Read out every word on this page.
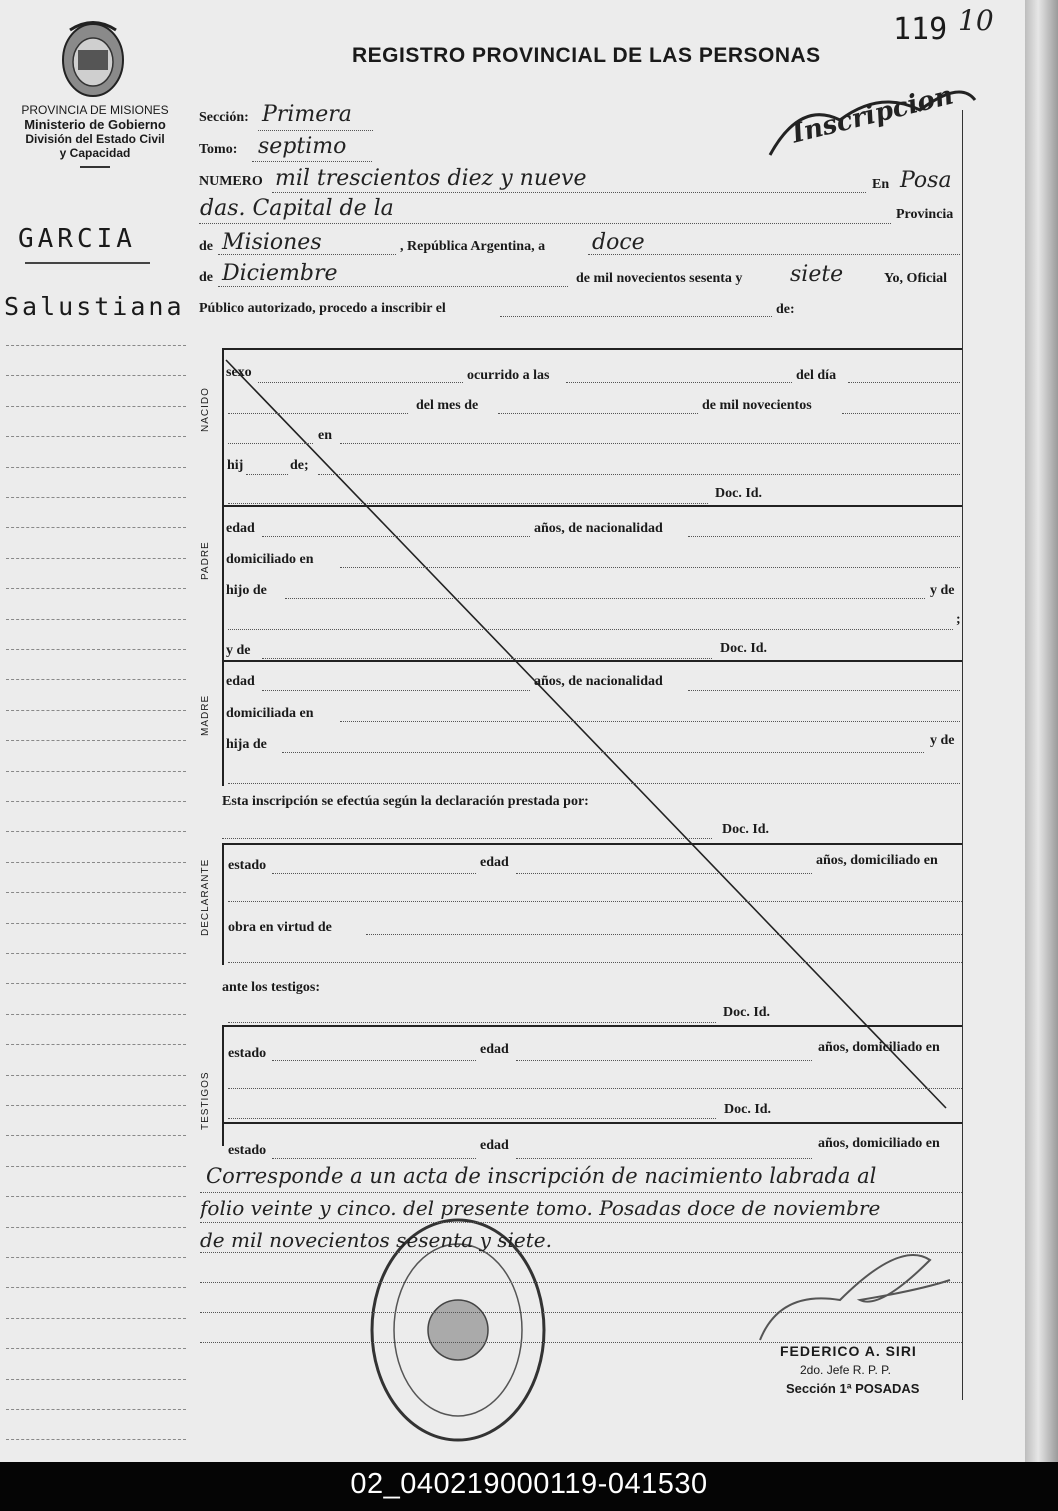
REGISTRO PROVINCIAL DE LAS PERSONAS
119 10
Inscripcion
PROVINCIA DE MISIONES
Ministerio de Gobierno
División del Estado Civil
y Capacidad
GARCIA
Salustiana
Sección: Primera
Tomo: septimo
NUMERO mil trescientos diez y nueve	En Posa
das. Capital de la	Provincia
de Misiones	, República Argentina, a doce
de Diciembre	de mil novecientos sesenta y siete	Yo, Oficial
Público autorizado, procedo a inscribir el	de:
NACIDO
PADRE
MADRE
DECLARANTE
TESTIGOS
sexo	ocurrido a las	del día
del mes de	de mil novecientos
en
hij	de;
Doc. Id.
edad	años, de nacionalidad
domiciliado en
hijo de	y de
;
y de	Doc. Id.
edad	años, de nacionalidad
domiciliada en
hija de	y de
Esta inscripción se efectúa según la declaración prestada por:
Doc. Id.
estado	edad	años, domiciliado en
obra en virtud de
ante los testigos:
Doc. Id.
estado	edad	años, domiciliado en
Doc. Id.
estado	edad	años, domiciliado en
Corresponde a un acta de inscripción de nacimiento labrada al
folio veinte y cinco. del presente tomo. Posadas doce de noviembre
de mil novecientos sesenta y siete.
FEDERICO A. SIRI
2do. Jefe R. P. P.
Sección 1ª POSADAS
02_040219000119-041530
